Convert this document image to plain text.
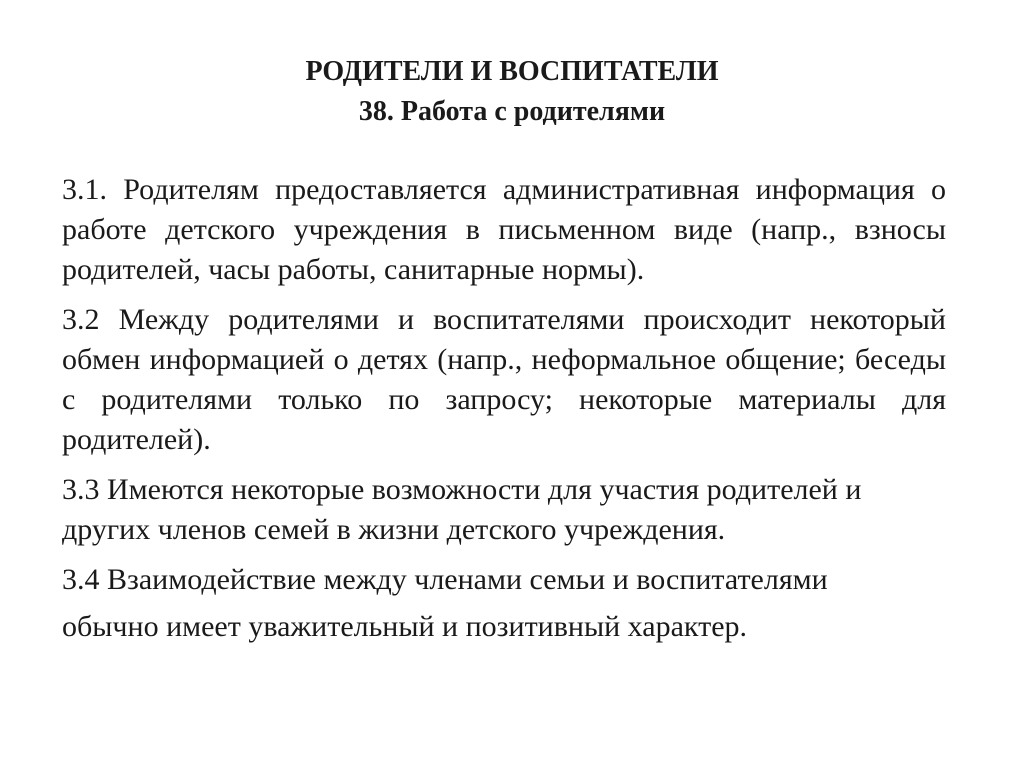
РОДИТЕЛИ И ВОСПИТАТЕЛИ

38. Работа с родителями

3.1. Родителям предоставляется административная информация о работе детского учреждения в письменном виде (напр., взносы родителей, часы работы, санитарные нормы).

3.2 Между родителями и воспитателями происходит некоторый обмен информацией о детях (напр., неформальное общение; беседы с родителями только по запросу; некоторые материалы для родителей).

3.3 Имеются некоторые возможности для участия родителей и других членов семей в жизни детского учреждения.

3.4 Взаимодействие между членами семьи и воспитателями
обычно имеет уважительный и позитивный характер.
